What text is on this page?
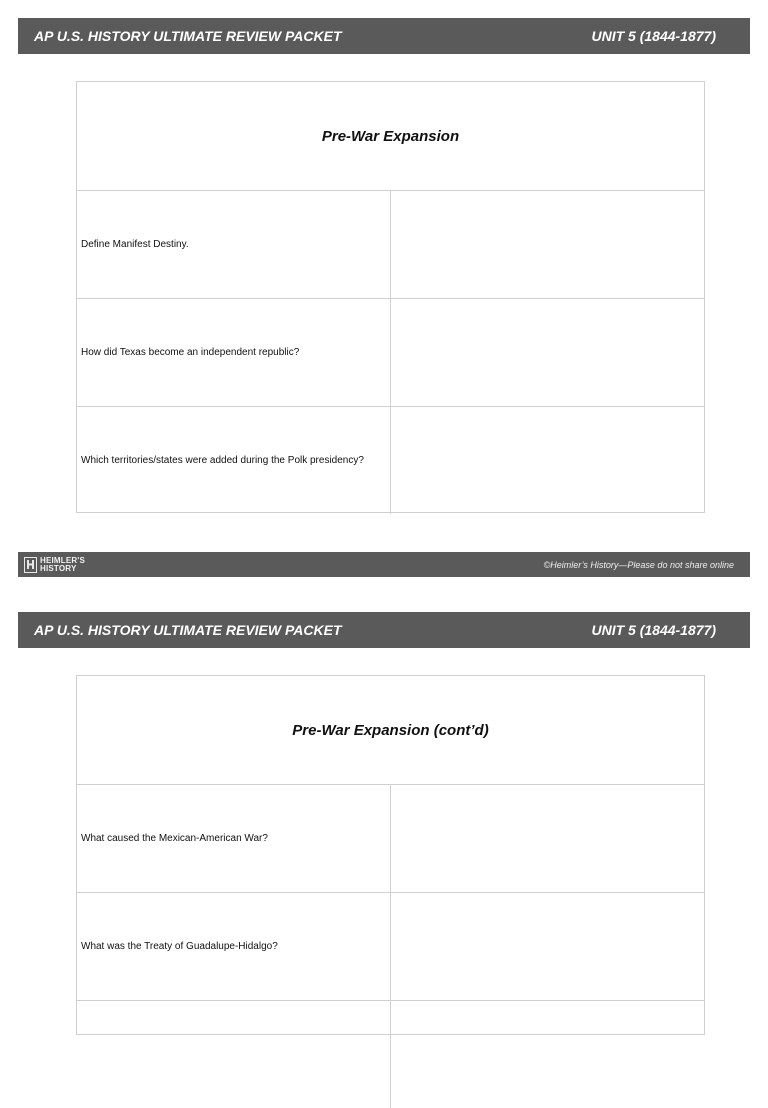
AP U.S. HISTORY ULTIMATE REVIEW PACKET	UNIT 5 (1844-1877)
Pre-War Expansion
Define Manifest Destiny.
How did Texas become an independent republic?
Which territories/states were added during the Polk presidency?
HEIMLER'S
HISTORY	©Heimler’s History—Please do not share online
AP U.S. HISTORY ULTIMATE REVIEW PACKET	UNIT 5 (1844-1877)
Pre-War Expansion (cont’d)
What caused the Mexican-American War?
What was the Treaty of Guadalupe-Hidalgo?
